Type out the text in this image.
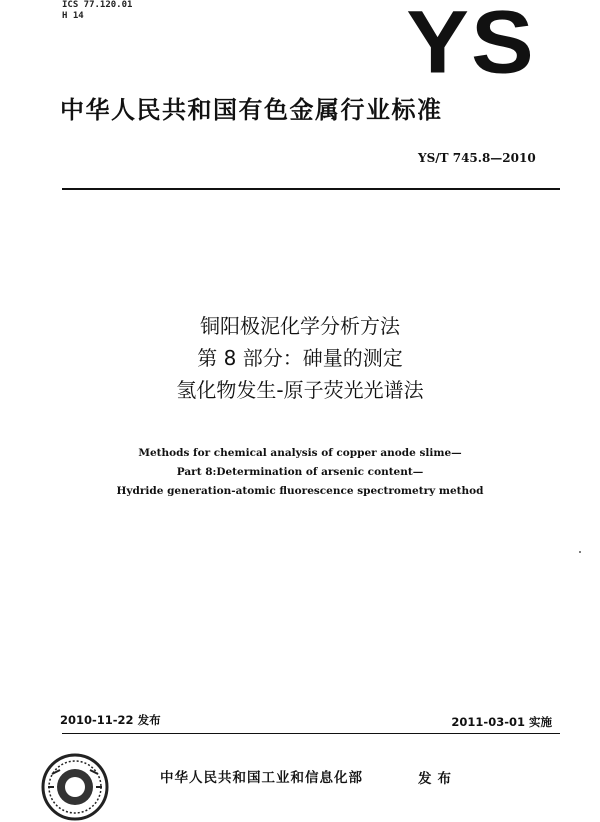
ICS 77.120.01
H 14	YS
中华人民共和国有色金属行业标准
YS/T 745.8—2010
铜阳极泥化学分析方法
第 8 部分：砷量的测定
氢化物发生-原子荧光光谱法
Methods for chemical analysis of copper anode slime—
Part 8:Determination of arsenic content—
Hydride generation-atomic fluorescence spectrometry method
2010-11-22 发布	2011-03-01 实施
中华人民共和国工业和信息化部	发布
